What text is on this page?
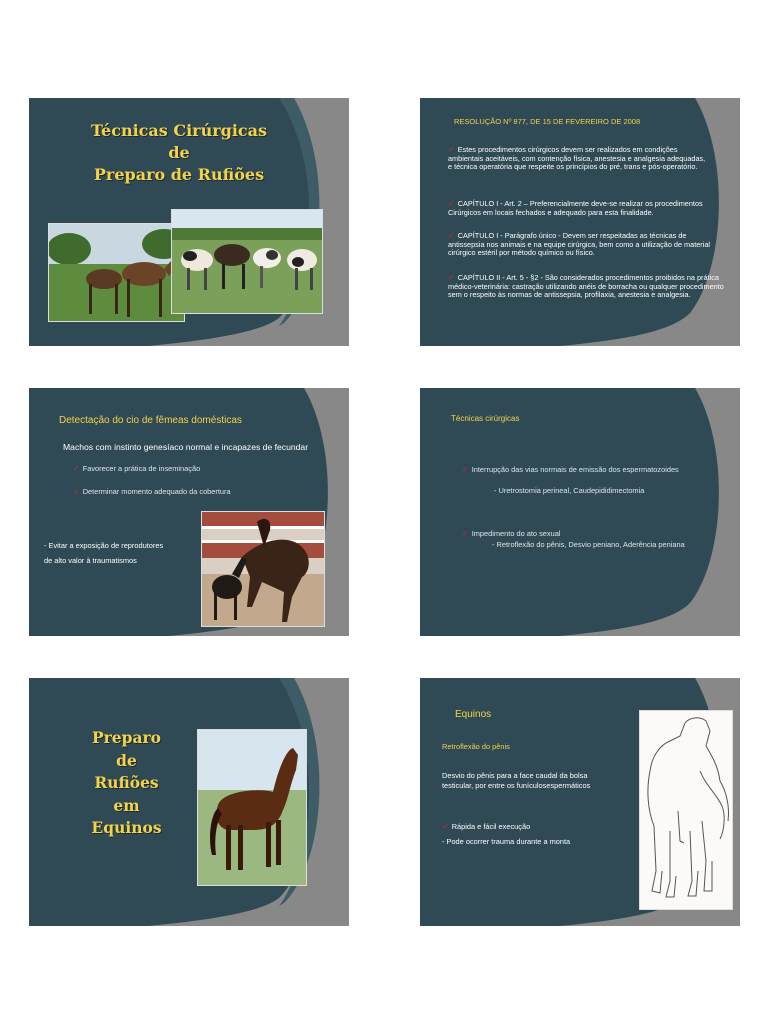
Técnicas Cirúrgicas
de
Preparo de Rufiões
RESOLUÇÃO Nº 877, DE 15 DE FEVEREIRO DE 2008
✓ Estes procedimentos cirúrgicos devem ser realizados em condições ambientais aceitáveis, com contenção física, anestesia e analgesia adequadas, e técnica operatória que respeite os princípios do pré, trans e pós-operatório.
✓ CAPÍTULO I - Art. 2 – Preferencialmente deve-se realizar os procedimentos Cirúrgicos em locais fechados e adequado para esta finalidade.
✓ CAPÍTULO I - Parágrafo único - Devem ser respeitadas as técnicas de antissepsia nos animais e na equipe cirúrgica, bem como a utilização de material cirúrgico estéril por método químico ou físico.
✓ CAPÍTULO II - Art. 5 - §2 - São considerados procedimentos proibidos na prática médico-veterinária: castração utilizando anéis de borracha ou qualquer procedimento sem o respeito às normas de antissepsia, profilaxia, anestesia e analgesia.
Detectação do cio de fêmeas domésticas
Machos com instinto genesíaco normal e incapazes de fecundar
✓ Favorecer a prática de inseminação
✓ Determinar momento adequado da cobertura
- Evitar a exposição de reprodutores
de alto valor à traumatismos
Técnicas cirúrgicas
✓ Interrupção das vias normais de emissão dos espermatozoides
- Uretrostomia perineal, Caudepididimectomia
✓ Impedimento do ato sexual
- Retroflexão do pênis, Desvio peniano, Aderência peniana
Preparo
de
Rufiões
em
Equinos
Equinos
Retroflexão do pênis
Desvio do pênis para a face caudal da bolsa
testicular, por entre os funículosespermáticos
✓ Rápida e fácil execução
- Pode ocorrer trauma durante a monta
